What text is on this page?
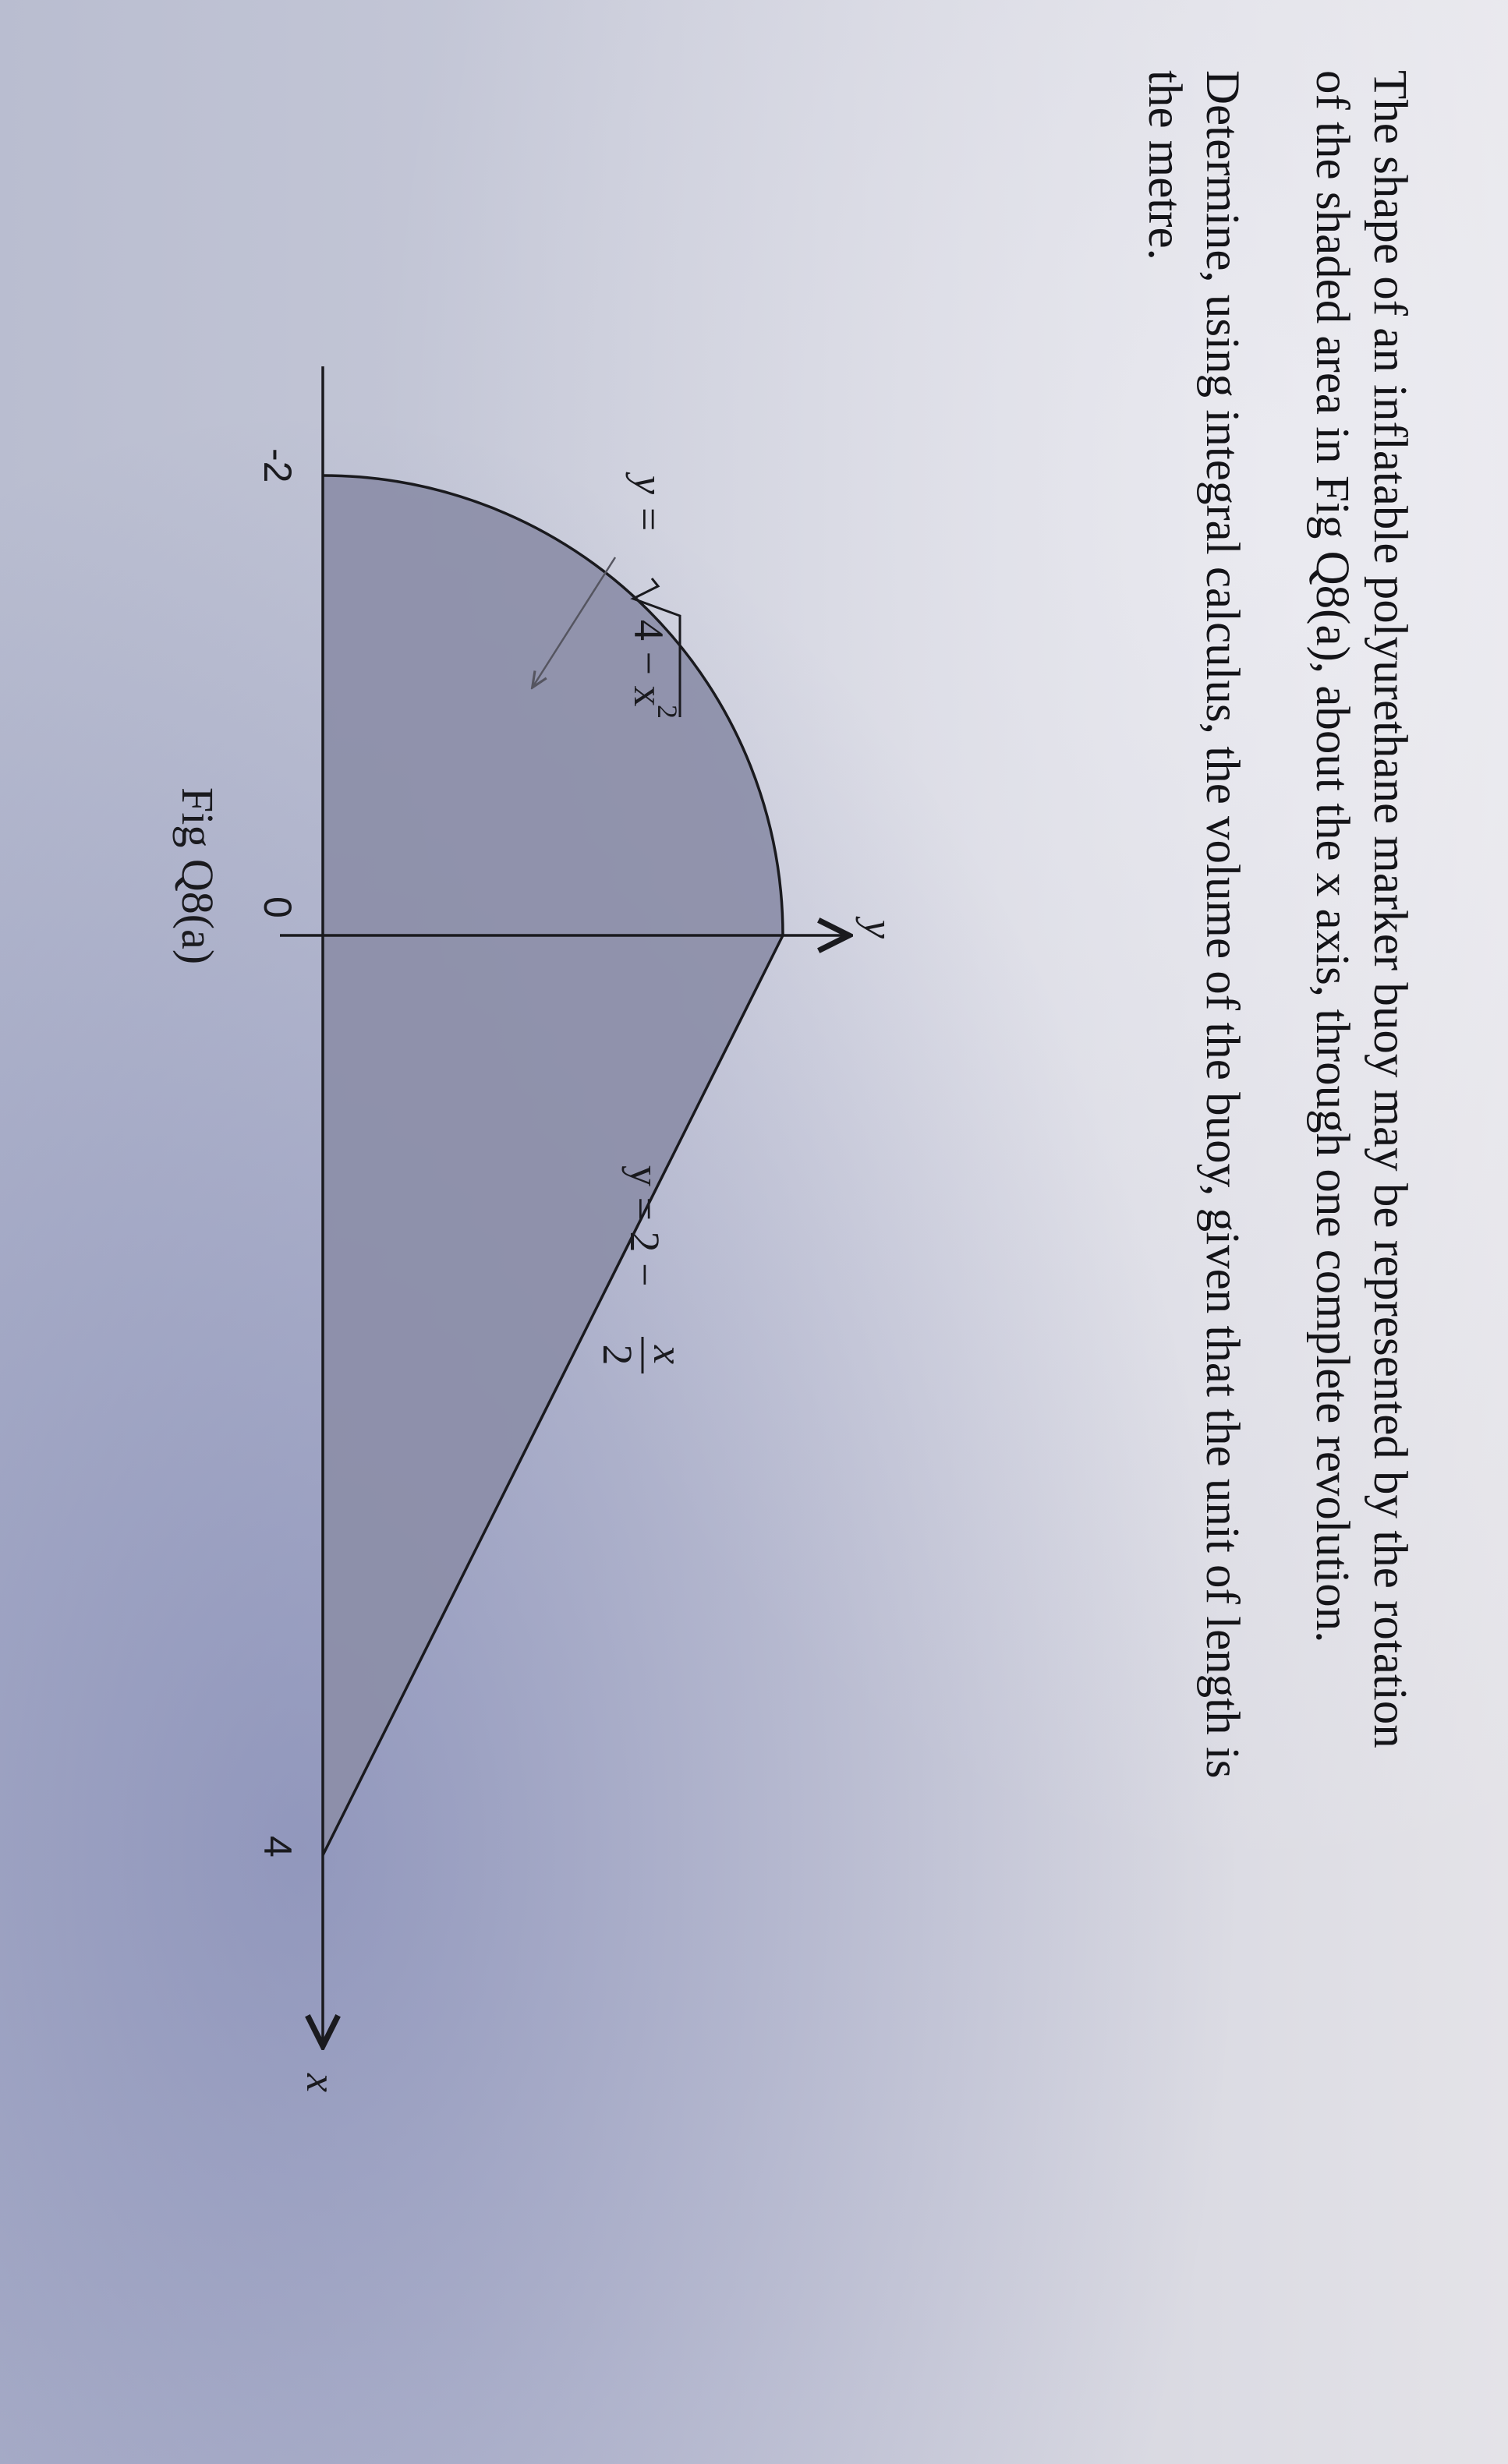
The shape of an inflatable polyurethane marker buoy may be represented by the rotation
of the shaded area in Fig Q8(a), about the x axis, through one complete revolution.

Determine, using integral calculus, the volume of the buoy, given that the unit of length is
the metre.

x
y
-2
0
4
y =
4 − x
2
y = 2 −
x
2
Fig Q8(a)
